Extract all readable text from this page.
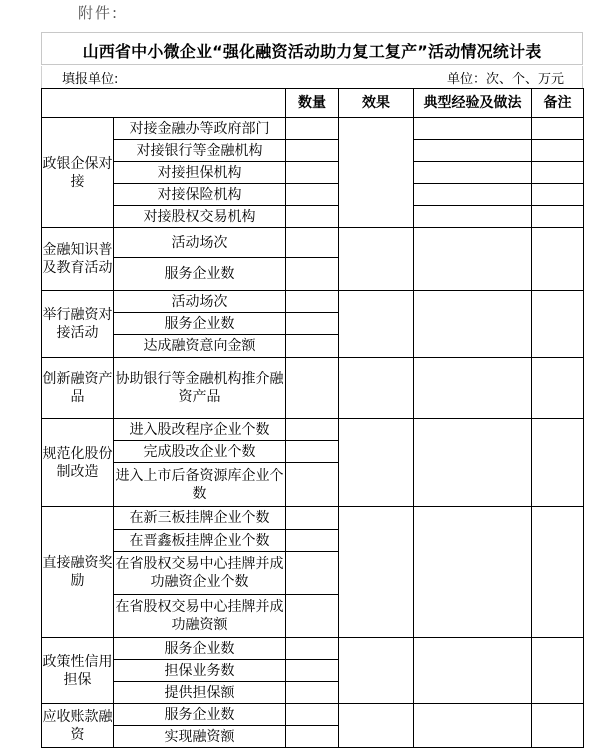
附件:
山西省中小微企业“强化融资活动助力复工复产”活动情况统计表
填报单位:	单位：次、个、万元
		数量	效果	典型经验及做法	备注
政银企保对接	对接金融办等政府部门				
	对接银行等金融机构				
	对接担保机构				
	对接保险机构				
	对接股权交易机构				
金融知识普及教育活动	活动场次				
	服务企业数				
举行融资对接活动	活动场次				
	服务企业数				
	达成融资意向金额				
创新融资产品	协助银行等金融机构推介融资产品				
规范化股份制改造	进入股改程序企业个数				
	完成股改企业个数				
	进入上市后备资源库企业个数				
直接融资奖励	在新三板挂牌企业个数				
	在晋鑫板挂牌企业个数				
	在省股权交易中心挂牌并成功融资企业个数				
	在省股权交易中心挂牌并成功融资额				
政策性信用担保	服务企业数				
	担保业务数				
	提供担保额				
应收账款融资	服务企业数				
	实现融资额				
